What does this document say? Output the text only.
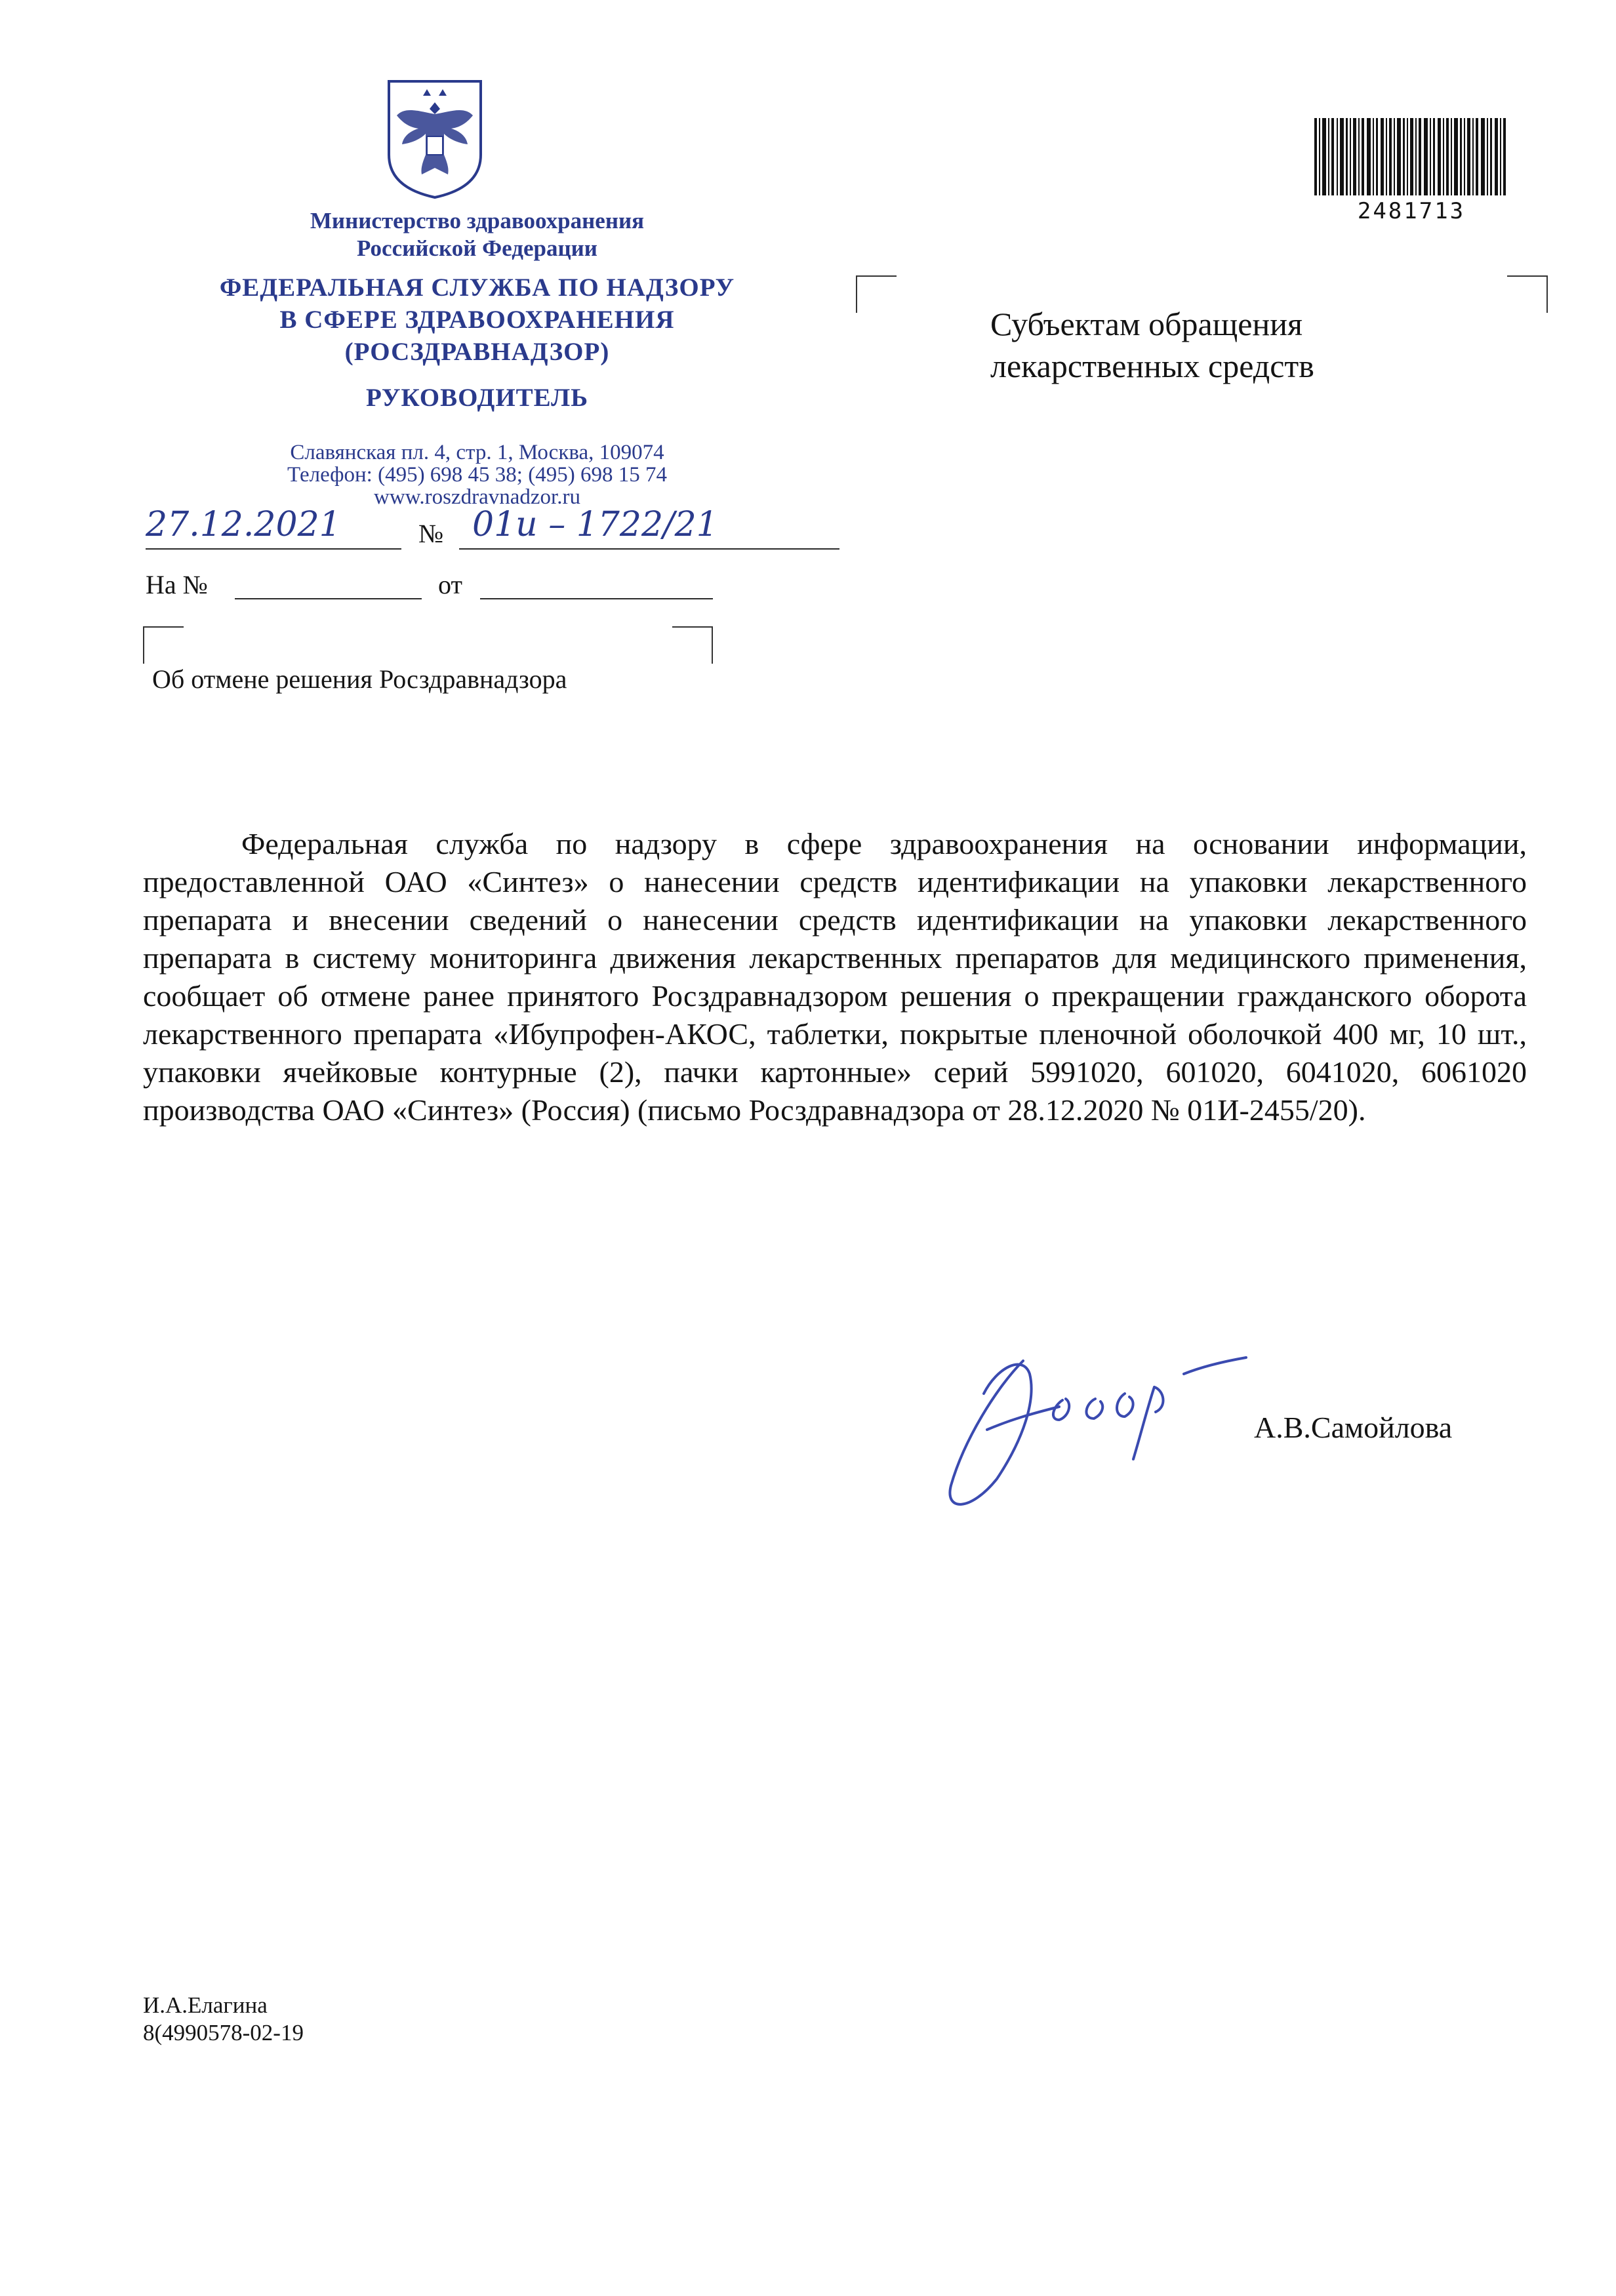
Министерство здравоохранения
Российской Федерации
ФЕДЕРАЛЬНАЯ СЛУЖБА ПО НАДЗОРУ
В СФЕРЕ ЗДРАВООХРАНЕНИЯ
(РОСЗДРАВНАДЗОР)
РУКОВОДИТЕЛЬ
Славянская пл. 4, стр. 1, Москва, 109074
Телефон: (495) 698 45 38; (495) 698 15 74
www.roszdravnadzor.ru
27.12.2021	№ 01и – 1722/21
На №	от
Об отмене решения Росздравнадзора
2481713
Субъектам обращения
лекарственных средств
Федеральная служба по надзору в сфере здравоохранения на основании информации, предоставленной ОАО «Синтез» о нанесении средств идентификации на упаковки лекарственного препарата и внесении сведений о нанесении средств идентификации на упаковки лекарственного препарата в систему мониторинга движения лекарственных препаратов для медицинского применения, сообщает об отмене ранее принятого Росздравнадзором решения о прекращении гражданского оборота лекарственного препарата «Ибупрофен-АКОС, таблетки, покрытые пленочной оболочкой 400 мг, 10 шт., упаковки ячейковые контурные (2), пачки картонные» серий 5991020, 601020, 6041020, 6061020 производства ОАО «Синтез» (Россия) (письмо Росздравнадзора от 28.12.2020 № 01И-2455/20).
А.В.Самойлова
И.А.Елагина
8(4990578-02-19
